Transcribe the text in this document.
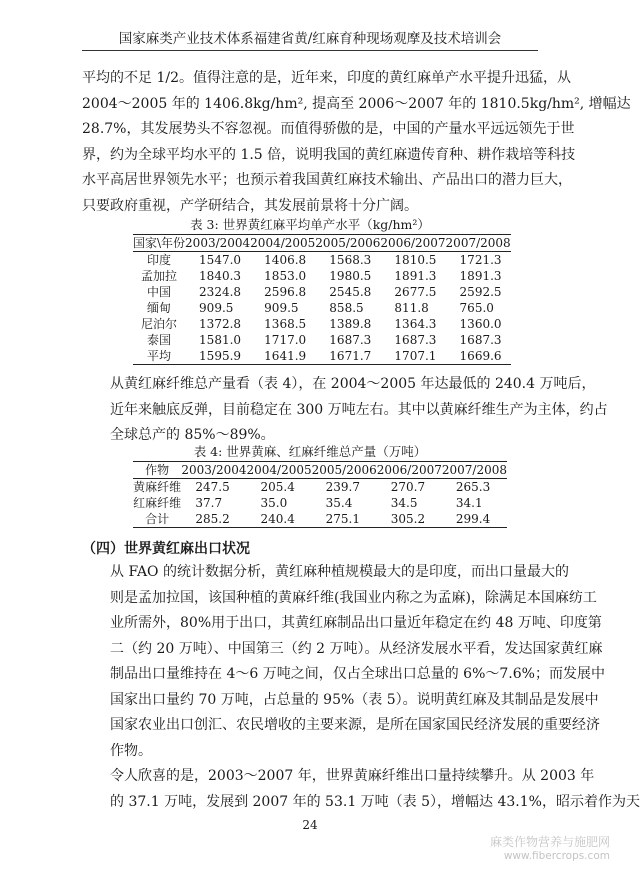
国家麻类产业技术体系福建省黄/红麻育种现场观摩及技术培训会
平均的不足 1/2。值得注意的是，近年来，印度的黄红麻单产水平提升迅猛，从
2004～2005 年的 1406.8kg/hm², 提高至 2006～2007 年的 1810.5kg/hm², 增幅达
28.7%，其发展势头不容忽视。而值得骄傲的是，中国的产量水平远远领先于世
界，约为全球平均水平的 1.5 倍，说明我国的黄红麻遗传育种、耕作栽培等科技
水平高居世界领先水平；也预示着我国黄红麻技术输出、产品出口的潜力巨大，
只要政府重视，产学研结合，其发展前景将十分广阔。
表 3: 世界黄红麻平均单产水平（kg/hm²）
国家\年份	2003/2004	2004/2005	2005/2006	2006/2007	2007/2008
印度	1547.0	1406.8	1568.3	1810.5	1721.3
孟加拉	1840.3	1853.0	1980.5	1891.3	1891.3
中国	2324.8	2596.8	2545.8	2677.5	2592.5
缅甸	909.5	909.5	858.5	811.8	765.0
尼泊尔	1372.8	1368.5	1389.8	1364.3	1360.0
泰国	1581.0	1717.0	1687.3	1687.3	1687.3
平均	1595.9	1641.9	1671.7	1707.1	1669.6
从黄红麻纤维总产量看（表 4），在 2004～2005 年达最低的 240.4 万吨后，
近年来触底反弹，目前稳定在 300 万吨左右。其中以黄麻纤维生产为主体，约占
全球总产的 85%～89%。
表 4: 世界黄麻、红麻纤维总产量（万吨）
作物	2003/2004	2004/2005	2005/2006	2006/2007	2007/2008
黄麻纤维	247.5	205.4	239.7	270.7	265.3
红麻纤维	37.7	35.0	35.4	34.5	34.1
合计	285.2	240.4	275.1	305.2	299.4
（四）世界黄红麻出口状况
从 FAO 的统计数据分析，黄红麻种植规模最大的是印度，而出口量最大的
则是孟加拉国，该国种植的黄麻纤维(我国业内称之为孟麻)，除满足本国麻纺工
业所需外，80%用于出口，其黄红麻制品出口量近年稳定在约 48 万吨、印度第
二（约 20 万吨）、中国第三（约 2 万吨）。从经济发展水平看，发达国家黄红麻
制品出口量维持在 4～6 万吨之间，仅占全球出口总量的 6%～7.6%；而发展中
国家出口量约 70 万吨，占总量的 95%（表 5）。说明黄红麻及其制品是发展中
国家农业出口创汇、农民增收的主要来源，是所在国家国民经济发展的重要经济
作物。
令人欣喜的是，2003～2007 年，世界黄麻纤维出口量持续攀升。从 2003 年
的 37.1 万吨，发展到 2007 年的 53.1 万吨（表 5），增幅达 43.1%，昭示着作为天
24
麻类作物营养与施肥网
www.fibercrops.com
